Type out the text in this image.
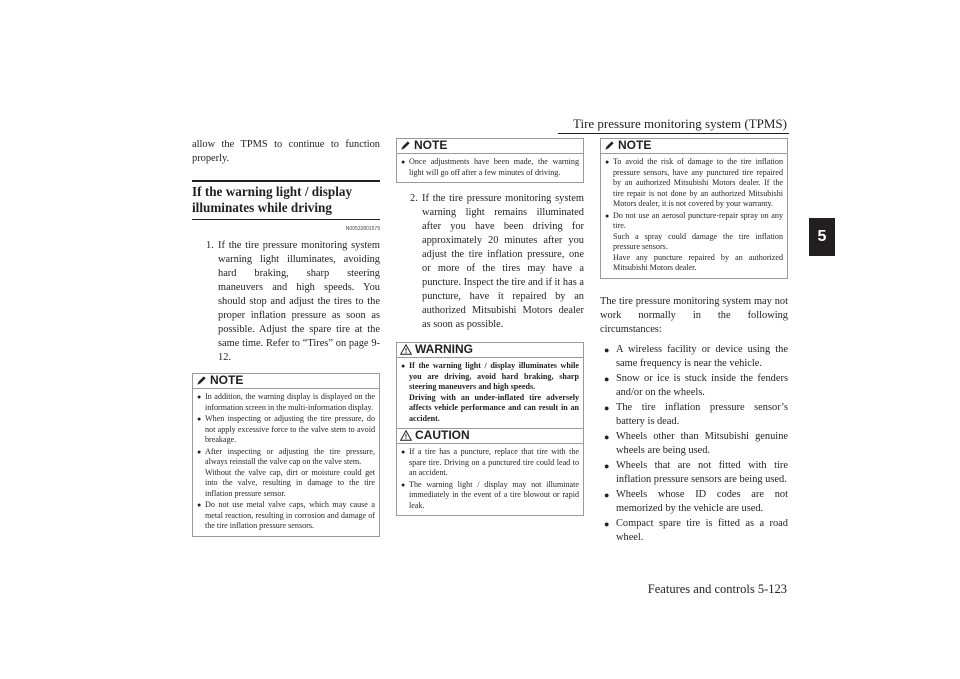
Tire pressure monitoring system (TPMS)
5
Features and controls 5-123

allow the TPMS to continue to function properly.

If the warning light / display illuminates while driving
N00532801579
1. If the tire pressure monitoring system warning light illuminates, avoiding hard braking, sharp steering maneuvers and high speeds. You should stop and adjust the tires to the proper inflation pressure as soon as possible. Adjust the spare tire at the same time. Refer to “Tires” on page 9-12.
NOTE
● In addition, the warning display is displayed on the information screen in the multi-information display.
● When inspecting or adjusting the tire pressure, do not apply excessive force to the valve stem to avoid breakage.
● After inspecting or adjusting the tire pressure, always reinstall the valve cap on the valve stem.
Without the valve cap, dirt or moisture could get into the valve, resulting in damage to the tire inflation pressure sensor.
● Do not use metal valve caps, which may cause a metal reaction, resulting in corrosion and damage of the tire inflation pressure sensors.
NOTE
● Once adjustments have been made, the warning light will go off after a few minutes of driving.
2. If the tire pressure monitoring system warning light remains illuminated after you have been driving for approximately 20 minutes after you adjust the tire inflation pressure, one or more of the tires may have a puncture. Inspect the tire and if it has a puncture, have it repaired by an authorized Mitsubishi Motors dealer as soon as possible.
WARNING
● If the warning light / display illuminates while you are driving, avoid hard braking, sharp steering maneuvers and high speeds.
Driving with an under-inflated tire adversely affects vehicle performance and can result in an accident.
CAUTION
● If a tire has a puncture, replace that tire with the spare tire. Driving on a punctured tire could lead to an accident.
● The warning light / display may not illuminate immediately in the event of a tire blowout or rapid leak.
NOTE
● To avoid the risk of damage to the tire inflation pressure sensors, have any punctured tire repaired by an authorized Mitsubishi Motors dealer. If the tire repair is not done by an authorized Mitsubishi Motors dealer, it is not covered by your warranty.
● Do not use an aerosol puncture-repair spray on any tire.
Such a spray could damage the tire inflation pressure sensors.
Have any puncture repaired by an authorized Mitsubishi Motors dealer.

The tire pressure monitoring system may not work normally in the following circumstances:

● A wireless facility or device using the same frequency is near the vehicle.
● Snow or ice is stuck inside the fenders and/or on the wheels.
● The tire inflation pressure sensor’s battery is dead.
● Wheels other than Mitsubishi genuine wheels are being used.
● Wheels that are not fitted with tire inflation pressure sensors are being used.
● Wheels whose ID codes are not memorized by the vehicle are used.
● Compact spare tire is fitted as a road wheel.
